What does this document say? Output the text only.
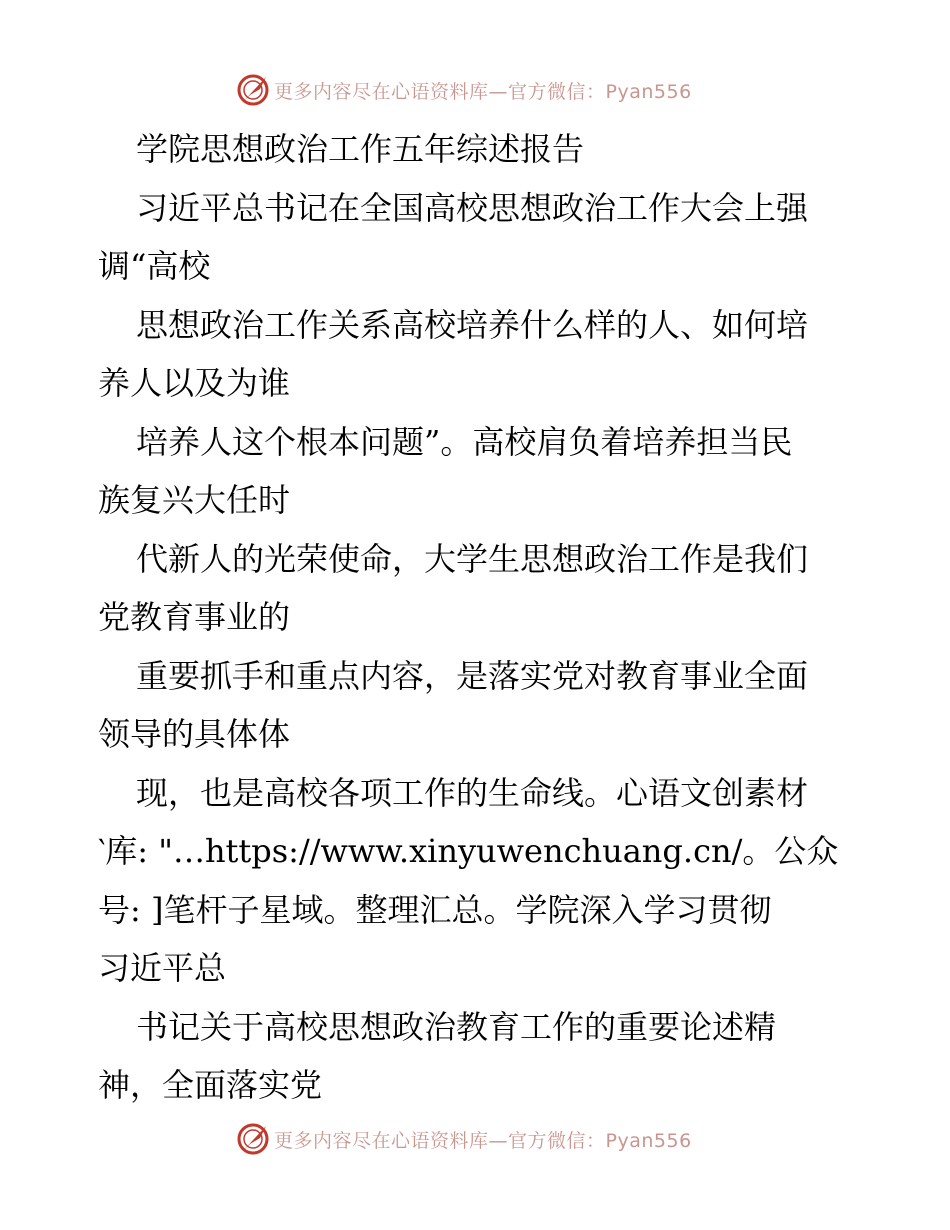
更多内容尽在心语资料库—官方微信：Pyan556
学院思想政治工作五年综述报告
习近平总书记在全国高校思想政治工作大会上强
调“高校
思想政治工作关系高校培养什么样的人、如何培
养人以及为谁
培养人这个根本问题”。高校肩负着培养担当民
族复兴大任时
代新人的光荣使命，大学生思想政治工作是我们
党教育事业的
重要抓手和重点内容，是落实党对教育事业全面
领导的具体体
现，也是高校各项工作的生命线。心语文创素材
‵库: "…https://www.xinyuwenchuang.cn/。公众
号: ]笔杆子星域。整理汇总。学院深入学习贯彻
习近平总
书记关于高校思想政治教育工作的重要论述精
神，全面落实党
更多内容尽在心语资料库—官方微信：Pyan556
